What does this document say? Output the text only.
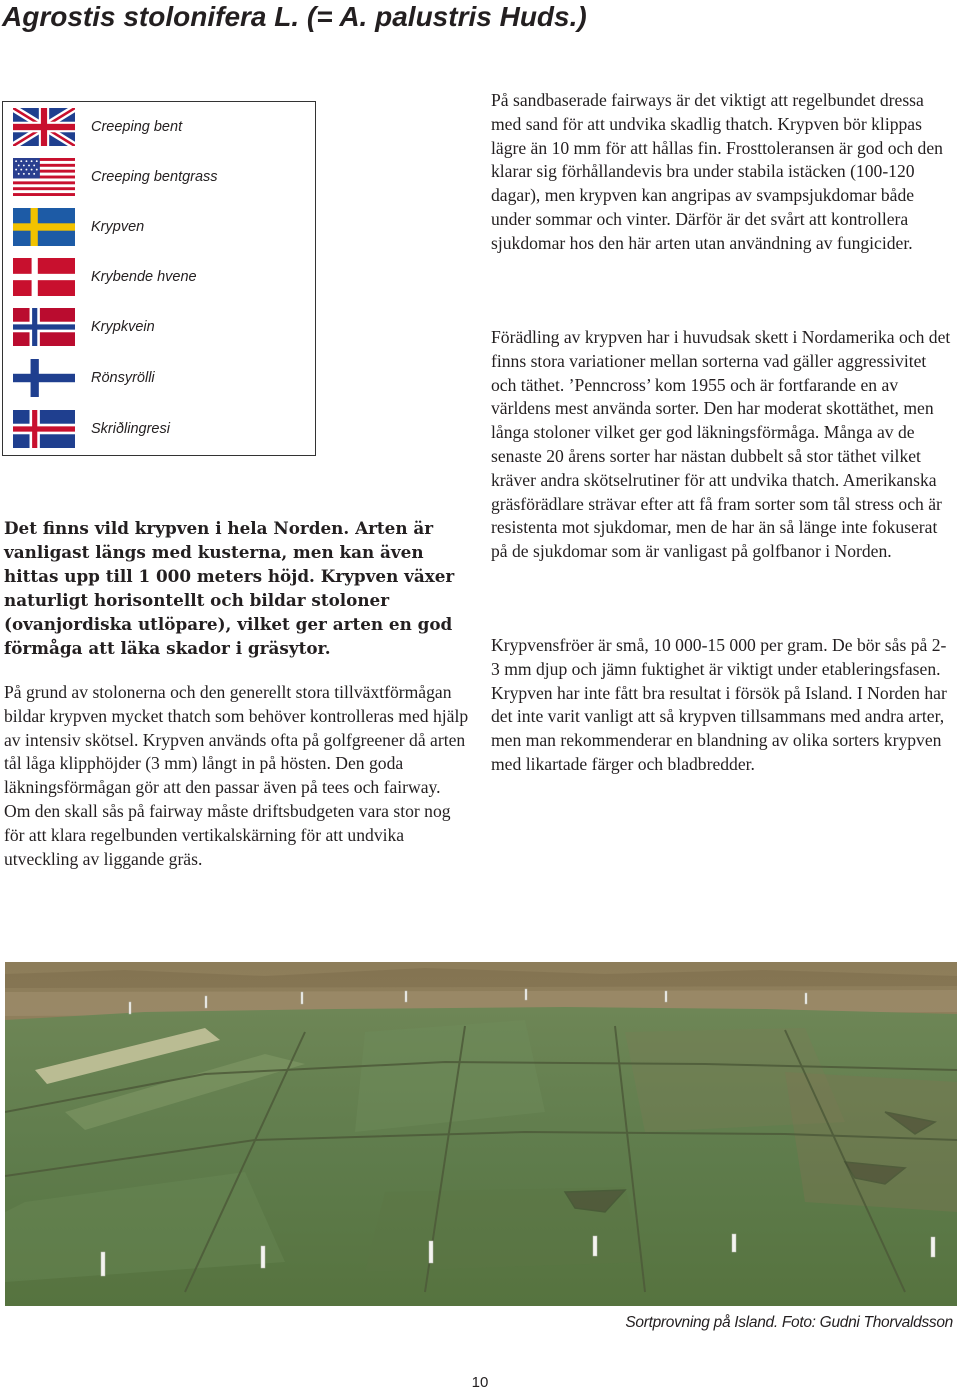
Agrostis stolonifera L. (= A. palustris Huds.)
Creeping bent
Creeping bentgrass
Krypven
Krybende hvene
Krypkvein
Rönsyrölli
Skriðlingresi

Det finns vild krypven i hela Norden. Arten är vanligast längs med kusterna, men kan även hittas upp till 1 000 meters höjd. Krypven växer naturligt horisontellt och bildar stoloner (ovanjordiska utlöpare), vilket ger arten en god förmåga att läka skador i gräsytor.

På grund av stolonerna och den generellt stora tillväxtförmågan bildar krypven mycket thatch som behöver kontrolleras med hjälp av intensiv skötsel. Krypven används ofta på golfgreener då arten tål låga klipphöjder (3 mm) långt in på hösten. Den goda läkningsförmågan gör att den passar även på tees och fairway. Om den skall sås på fairway måste driftsbudgeten vara stor nog för att klara regelbunden vertikalskärning för att undvika utveckling av liggande gräs.

På sandbaserade fairways är det viktigt att regelbundet dressa med sand för att undvika skadlig thatch. Krypven bör klippas lägre än 10 mm för att hållas fin. Frosttoleransen är god och den klarar sig förhållandevis bra under stabila istäcken (100-120 dagar), men krypven kan angripas av svampsjukdomar både under sommar och vinter. Därför är det svårt att kontrollera sjukdomar hos den här arten utan användning av fungicider.

Förädling av krypven har i huvudsak skett i Nordamerika och det finns stora variationer mellan sorterna vad gäller aggressivitet och täthet. ’Penncross’ kom 1955 och är fortfarande en av världens mest använda sorter. Den har moderat skottäthet, men långa stoloner vilket ger god läkningsförmåga. Många av de senaste 20 årens sorter har nästan dubbelt så stor täthet vilket kräver andra skötselrutiner för att undvika thatch. Amerikanska gräsförädlare strävar efter att få fram sorter som tål stress och är resistenta mot sjukdomar, men de har än så länge inte fokuserat på de sjukdomar som är vanligast på golfbanor i Norden.

Krypvensfröer är små, 10 000-15 000 per gram. De bör sås på 2-3 mm djup och jämn fuktighet är viktigt under etableringsfasen. Krypven har inte fått bra resultat i försök på Island. I Norden har det inte varit vanligt att så krypven tillsammans med andra arter, men man rekommenderar en blandning av olika sorters krypven med likartade färger och bladbredder.

Sortprovning på Island. Foto: Gudni Thorvaldsson

10
